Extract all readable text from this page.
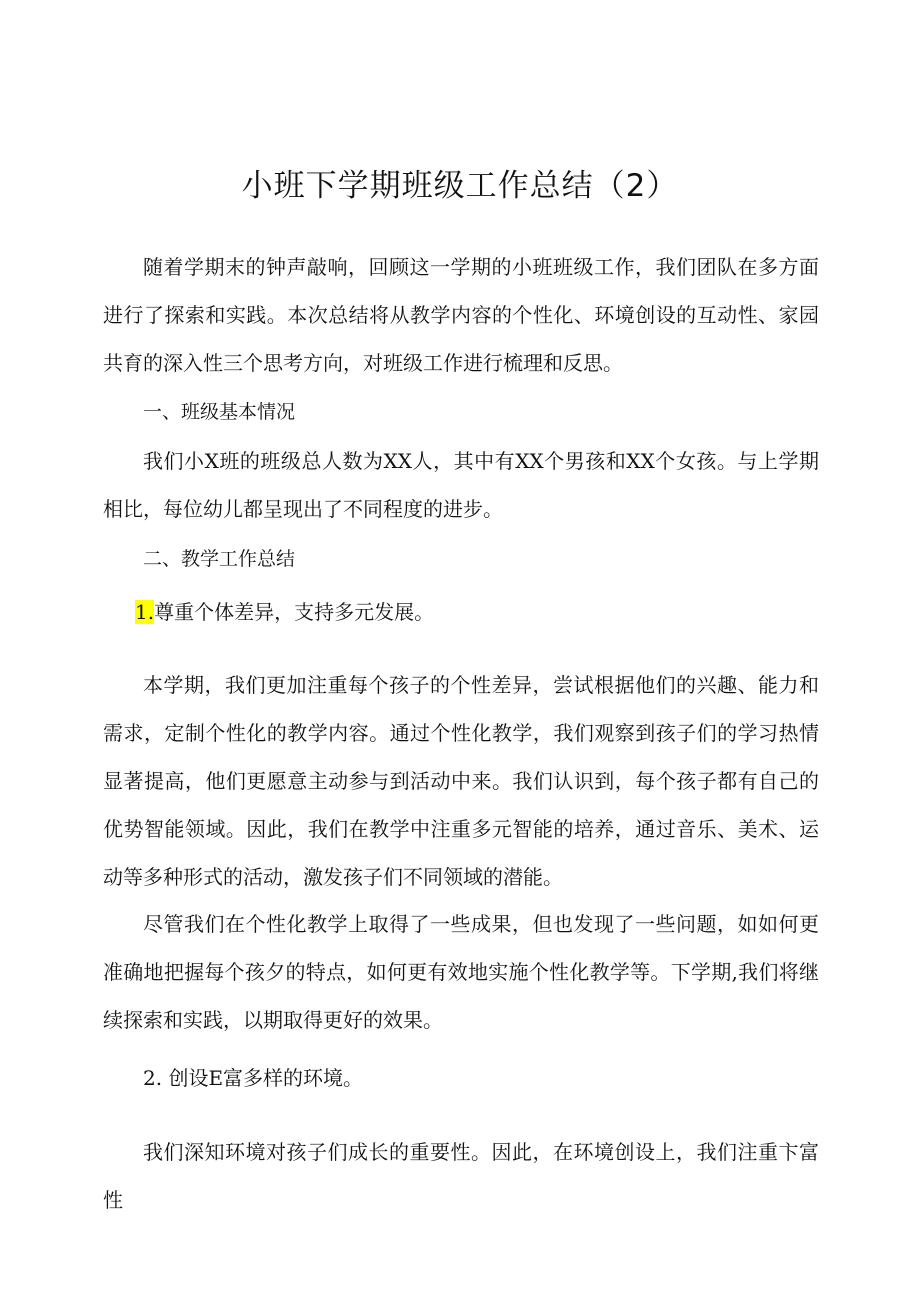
小班下学期班级工作总结（2）

随着学期末的钟声敲响，回顾这一学期的小班班级工作，我们团队在多方面进行了探索和实践。本次总结将从教学内容的个性化、环境创设的互动性、家园共育的深入性三个思考方向，对班级工作进行梳理和反思。

一、班级基本情况

我们小X班的班级总人数为XX人，其中有XX个男孩和XX个女孩。与上学期相比，每位幼儿都呈现出了不同程度的进步。

二、教学工作总结

1.尊重个体差异，支持多元发展。

本学期，我们更加注重每个孩子的个性差异，尝试根据他们的兴趣、能力和需求，定制个性化的教学内容。通过个性化教学，我们观察到孩子们的学习热情显著提高，他们更愿意主动参与到活动中来。我们认识到，每个孩子都有自己的优势智能领域。因此，我们在教学中注重多元智能的培养，通过音乐、美术、运动等多种形式的活动，激发孩子们不同领域的潜能。

尽管我们在个性化教学上取得了一些成果，但也发现了一些问题，如如何更准确地把握每个孩夕的特点，如何更有效地实施个性化教学等。下学期,我们将继续探索和实践，以期取得更好的效果。

2. 创设E富多样的环境。

我们深知环境对孩子们成长的重要性。因此，在环境创设上，我们注重卞富性
